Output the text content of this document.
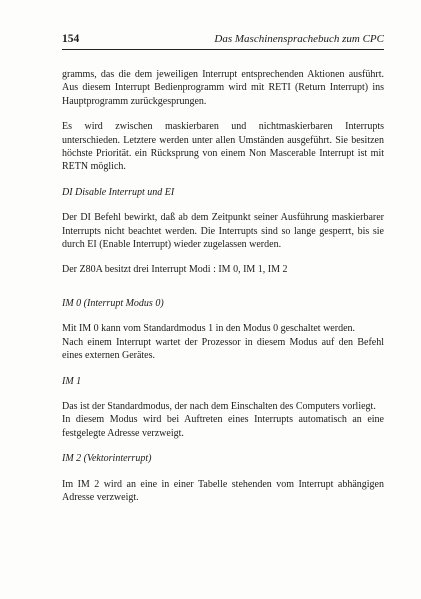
154	Das Maschinensprachebuch zum CPC

gramms, das die dem jeweiligen Interrupt entsprechenden Aktionen ausführt. Aus diesem Interrupt Bedienprogramm wird mit RETI (Return Interrupt) ins Hauptprogramm zurückgesprungen.

Es wird zwischen maskierbaren und nichtmaskierbaren Interrupts unterschieden. Letztere werden unter allen Umständen ausgeführt. Sie besitzen höchste Priorität. ein Rücksprung von einem Non Mascerable Interrupt ist mit RETN möglich.

DI Disable Interrupt und EI

Der DI Befehl bewirkt, daß ab dem Zeitpunkt seiner Ausführung maskierbarer Interrupts nicht beachtet werden. Die Interrupts sind so lange gesperrt, bis sie durch EI (Enable Interrupt) wieder zugelassen werden.

Der Z80A besitzt drei Interrupt Modi : IM 0, IM 1, IM 2

IM 0 (Interrupt Modus 0)

Mit IM 0 kann vom Standardmodus 1 in den Modus 0 geschaltet werden.

Nach einem Interrupt wartet der Prozessor in diesem Modus auf den Befehl eines externen Gerätes.

IM 1

Das ist der Standardmodus, der nach dem Einschalten des Computers vorliegt.

In diesem Modus wird bei Auftreten eines Interrupts automatisch an eine festgelegte Adresse verzweigt.

IM 2 (Vektorinterrupt)

Im IM 2 wird an eine in einer Tabelle stehenden vom Interrupt abhängigen Adresse verzweigt.
